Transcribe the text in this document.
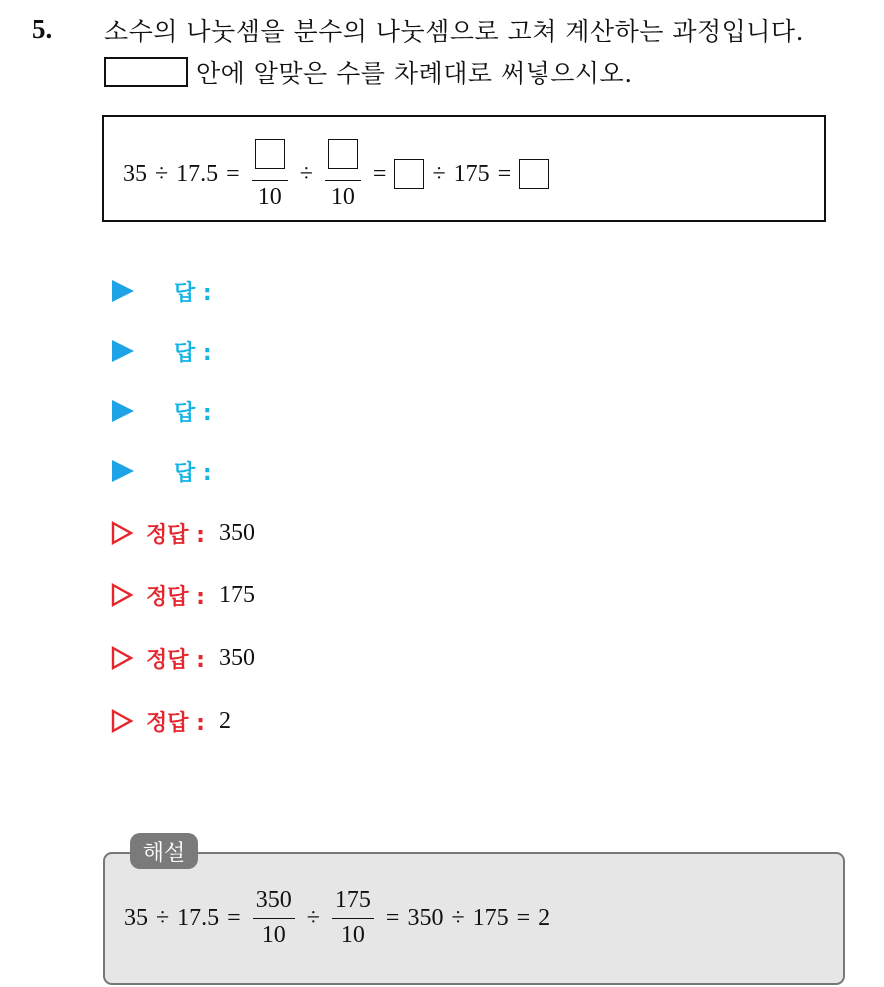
5. 소수의 나눗셈을 분수의 나눗셈으로 고쳐 계산하는 과정입니다.
안에 알맞은 수를 차례대로 써넣으시오.
35 ÷ 17.5 =
10
÷
10
= ÷ 175 =
답 :
답 :
답 :
답 :
정답 : 350
정답 : 175
정답 : 350
정답 : 2
해설
$35 \div 17.5 = \frac{350}{10} \div \frac{175}{10} = 350 \div 175 = 2$
